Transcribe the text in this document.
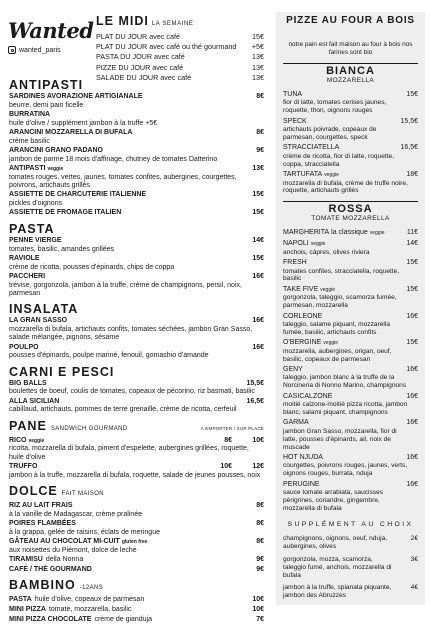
Wanted
wanted_paris
LE MIDI LA SEMAINE
PLAT DU JOUR avec café	15€
PLAT DU JOUR avec café ou thé gourmand +5€
PASTA DU JOUR avec café	13€
PIZZE DU JOUR avec café	13€
SALADE DU JOUR avec café	13€
ANTIPASTI
SARDINES AVORAZIONE ARTIGIANALE	8€
beurre, demi pain ficelle
BURRATINA
huile d'olive / supplément jambon à la truffe +5€
ARANCINI MOZZARELLA DI BUFALA	8€
crème basilic
ARANCINI GRANO PADANO	9€
jambon de parme 18 mois d'affinage, chutney de tomates Datterino
ANTIPASTI veggie	13€
tomates rouges, vertes, jaunes, tomates confites, aubergines, courgettes, poivrons, artichauts grillés
ASSIETTE DE CHARCUTERIE ITALIENNE	15€
pickles d'oignons
ASSIETTE DE FROMAGE ITALIEN	15€
PASTA
PENNE VIERGE	14€
tomates, basilic, amandes grillées
RAVIOLE	15€
crème de ricotta, pousses d'épinards, chips de coppa
PACCHERI	16€
trévise, gorgonzola, jambon à la truffe, crème de champignons, persil, noix, parmesan
INSALATA
LA GRAN SASSO	16€
mozzarella di bufala, artichauts confits, tomates séchées, jambon Gran Sasso, salade mélangée, pignons, sésame
POULPO	16€
pousses d'épinards, poulpe mariné, fenouil, gomashio d'amande
CARNI E PESCI
BIG BALLS	15,5€
boulettes de boeuf, coulis de tomates, copeaux de pécorino, riz basmati, basilic
ALLA SICILIAN	16,5€
cabillaud, artichauts, pommes de terre grenaille, crème de ricotta, cerfeuil
PANE SANDWICH GOURMAND	À EMPORTER / SUR PLACE
RICO veggie	8€	10€
ricotta, mozzarella di bufala, piment d'espelette, aubergines grillées, roquette, huile d'olive
TRUFFO	10€	12€
jambon à la truffe, mozzarella di bufala, roquette, salade de jeunes pousses, noix
DOLCE FAIT MAISON
RIZ AU LAIT FRAIS	8€
à la vanille de Madagascar, crème pralinée
POIRES FLAMBÉES	8€
à la grappa, gelée de raisins, éclats de meringue
GÂTEAU AU CHOCOLAT MI-CUIT gluten free	8€
aux noisettes du Piémont, dolce de leche
TIRAMISU della Nonna	9€
CAFÉ / THÉ GOURMAND	9€
BAMBINO -12ANS
PASTA huile d'olive, copeaux de parmesan	10€
MINI PIZZA tomate, mozzarella, basilic	10€
MINI PIZZA CHOCOLATE crème de gianduja	7€
PIZZE AU FOUR A BOIS
notre pain est fait maison au four à bois nos farines sont bio
BIANCA
MOZZARELLA
TUNA	15€
fior di latte, tomates cerises jaunes, roquette, thon, oignons rouges
SPECK	15,5€
artichauts poivrade, copeaux de parmesan, courgettes, speck
STRACCIATELLA	16,5€
crème de ricotta, fior di latte, roquette, coppa, stracciatella
TARTUFATA veggie	18€
mozzarella di bufala, crème de truffe noire, roquette, artichauts grillés
ROSSA
TOMATE MOZZARELLA
MARGHERITA la classique veggie	11€
NAPOLI veggie	14€
anchois, câpres, olives riviera
FRESH	15€
tomates confites, stracciatella, roquette, basilic
TAKE FIVE veggie	15€
gorgonzola, taleggio, scamorza fumée, parmesan, mozzarella
CORLEONE	16€
taleggio, salame piquant, mozzarella fumée, basilic, artichauts confits
O'BERGINE veggie	15€
mozzarella, aubergines, origan, oeuf, basilic, copeaux de parmesan
GENY	16€
taleggio, jambon blanc à la truffe de la Norcineria di Nonno Marino, champignons
CASICALZONE	16€
moitié calzone-moitié pizza ricotta, jambon blanc, salami piquant, champignons
GARMA	16€
jambon Gran Sasso, mozzarella, fior di latte, pousses d'épinards, ail, noix de muscade
HOT NJUDA	16€
courgettes, poivrons rouges, jaunes, verts, oignons rouges, burrata, nduja
PERUGINE	16€
sauce tomate arrabiata, saucisses périgrines, coriandre, gingembre, mozzarella di bufala
SUPPLÉMENT AU CHOIX
champignons, oignons, oeuf, nduja, aubergines, olives
2€
gorgonzola, mozza, scamorza, taleggio fumé, anchois, mozzarella di bufala
3€
jambon à la truffe, spianata piquante, jambon des Abruzzes
4€
